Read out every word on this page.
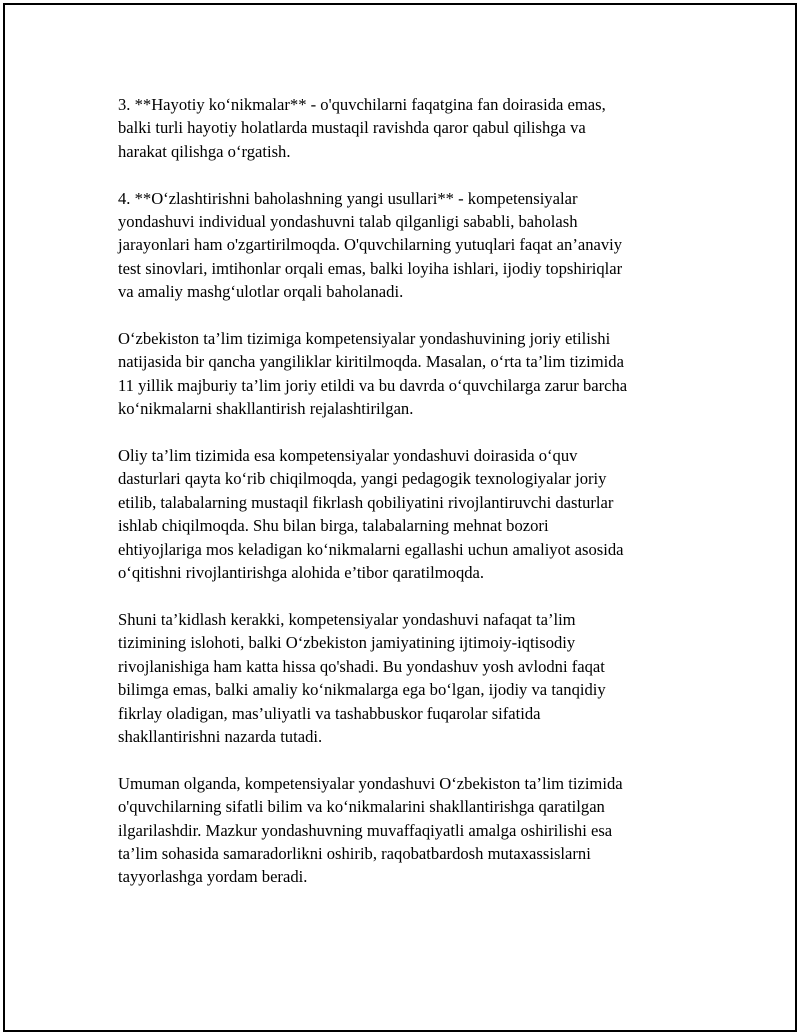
3. **Hayotiy ko‘nikmalar** - o'quvchilarni faqatgina fan doirasida emas,
balki turli hayotiy holatlarda mustaqil ravishda qaror qabul qilishga va
harakat qilishga o‘rgatish.

4. **O‘zlashtirishni baholashning yangi usullari** - kompetensiyalar
yondashuvi individual yondashuvni talab qilganligi sababli, baholash
jarayonlari ham o'zgartirilmoqda. O'quvchilarning yutuqlari faqat an’anaviy
test sinovlari, imtihonlar orqali emas, balki loyiha ishlari, ijodiy topshiriqlar
va amaliy mashg‘ulotlar orqali baholanadi.

O‘zbekiston ta’lim tizimiga kompetensiyalar yondashuvining joriy etilishi
natijasida bir qancha yangiliklar kiritilmoqda. Masalan, o‘rta ta’lim tizimida
11 yillik majburiy ta’lim joriy etildi va bu davrda o‘quvchilarga zarur barcha
ko‘nikmalarni shakllantirish rejalashtirilgan.

Oliy ta’lim tizimida esa kompetensiyalar yondashuvi doirasida o‘quv
dasturlari qayta ko‘rib chiqilmoqda, yangi pedagogik texnologiyalar joriy
etilib, talabalarning mustaqil fikrlash qobiliyatini rivojlantiruvchi dasturlar
ishlab chiqilmoqda. Shu bilan birga, talabalarning mehnat bozori
ehtiyojlariga mos keladigan ko‘nikmalarni egallashi uchun amaliyot asosida
o‘qitishni rivojlantirishga alohida e’tibor qaratilmoqda.

Shuni ta’kidlash kerakki, kompetensiyalar yondashuvi nafaqat ta’lim
tizimining islohoti, balki O‘zbekiston jamiyatining ijtimoiy-iqtisodiy
rivojlanishiga ham katta hissa qo'shadi. Bu yondashuv yosh avlodni faqat
bilimga emas, balki amaliy ko‘nikmalarga ega bo‘lgan, ijodiy va tanqidiy
fikrlay oladigan, mas’uliyatli va tashabbuskor fuqarolar sifatida
shakllantirishni nazarda tutadi.

Umuman olganda, kompetensiyalar yondashuvi O‘zbekiston ta’lim tizimida
o'quvchilarning sifatli bilim va ko‘nikmalarini shakllantirishga qaratilgan
ilgarilashdir. Mazkur yondashuvning muvaffaqiyatli amalga oshirilishi esa
ta’lim sohasida samaradorlikni oshirib, raqobatbardosh mutaxassislarni
tayyorlashga yordam beradi.
